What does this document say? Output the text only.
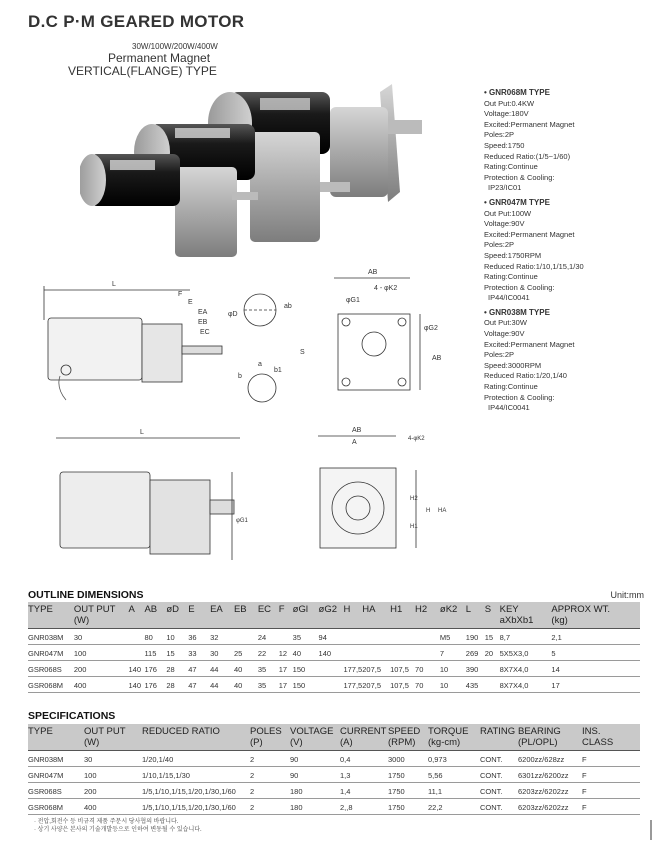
D.C P·M GEARED MOTOR
30W/100W/200W/400W
Permanent Magnet
VERTICAL(FLANGE) TYPE
• GNR068M TYPE
Out Put:0.4KW
Voltage:180V
Excited:Permanent Magnet
Poles:2P
Speed:1750
Reduced Ratio:(1/5~1/60)
Rating:Continue
Protection & Cooling:
IP23/IC01
• GNR047M TYPE
Out Put:100W
Voltage:90V
Excited:Permanent Magnet
Poles:2P
Speed:1750RPM
Reduced Ratio:1/10,1/15,1/30
Rating:Continue
Protection & Cooling:
IP44/IC0041
• GNR038M TYPE
Out Put:30W
Voltage:90V
Excited:Permanent Magnet
Poles:2P
Speed:3000RPM
Reduced Ratio:1/20,1/40
Rating:Continue
Protection & Cooling:
IP44/IC0041
L
F
E
EA
EB
EC
φD
ab
b
a
b1
AB
4 - φK2
φG1
φG2
S
AB
L
φG1
AB
A	4-φK2
H2
H HA
H1
OUTLINE DIMENSIONS	Unit:mm
TYPE	OUT PUT	A	AB	øD	E	EA	EB	EC	F	øGl	øG2	H	HA	H1	H2	øK2	L	S	KEY	APPROX WT.
	(W)																		aXbXb1	(kg)
GNR038M	30		80	10	36	32		24		35	94					M5	190	15	8,7	2,1
GNR047M	100		115	15	33	30	25	22	12	40	140					7	269	20	5X5X3,0	5
GSR068S	200	140	176	28	47	44	40	35	17	150		177,5	207,5	107,5	70	10	390		8X7X4,0	14
GSR068M	400	140	176	28	47	44	40	35	17	150		177,5	207,5	107,5	70	10	435		8X7X4,0	17
SPECIFICATIONS
TYPE	OUT PUT	REDUCED RATIO	POLES	VOLTAGE	CURRENT	SPEED	TORQUE	RATING	BEARING	INS.
	(W)		(P)	(V)	(A)	(RPM)	(kg-cm)		(PL/OPL)	CLASS
GNR038M	30	1/20,1/40	2	90	0,4	3000	0,973	CONT.	6200zz/628zz	F
GNR047M	100	1/10,1/15,1/30	2	90	1,3	1750	5,56	CONT.	6301zz/6200zz	F
GSR068S	200	1/5,1/10,1/15,1/20,1/30,1/60	2	180	1,4	1750	11,1	CONT.	6203zz/6202zz	F
GSR068M	400	1/5,1/10,1/15,1/20,1/30,1/60	2	180	2,,8	1750	22,2	CONT.	6203zz/6202zz	F
· 전압,회전수 등 비규격 제품 주문시 당사협의 바랍니다.
· 상기 사양은 본사의 기술개발등으로 인하여 변동될 수 있습니다.
